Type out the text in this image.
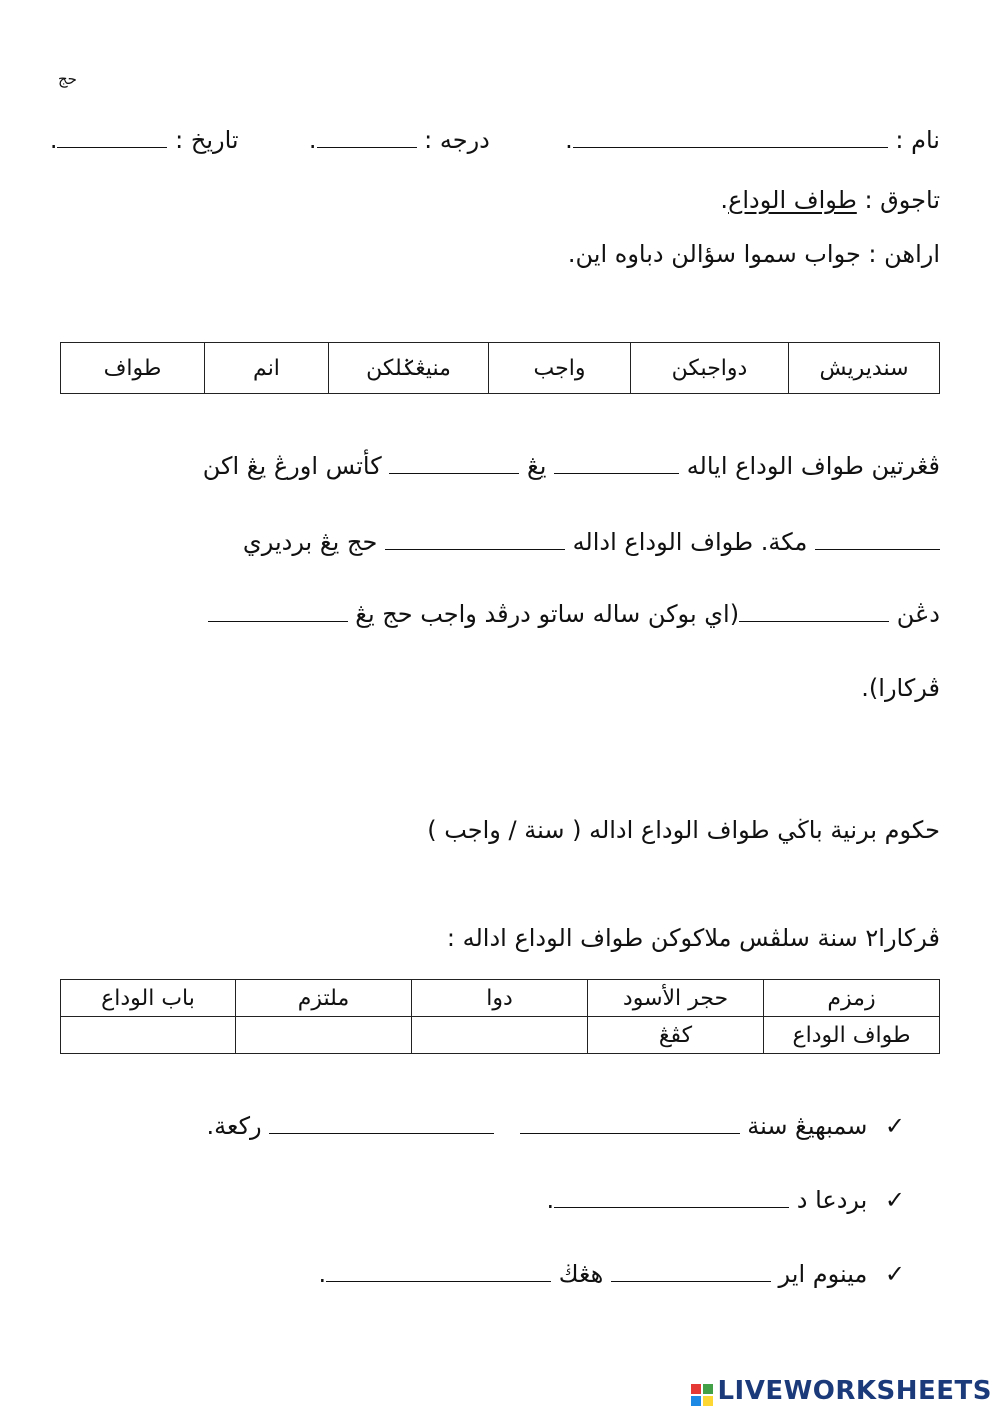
حج
نام : .  درجه : .  تاريخ : .
تاجوق : طواف الوداع.
اراهن : جواب سموا سؤالن دباوه اين.
سنديريش	دواجبكن	واجب	منيڠݢلكن	انم	طواف
ڤڠرتين طواف الوداع اياله  يڠ  كأتس اورڠ يڠ اكن
مكة. طواف الوداع اداله  حج يڠ برديري
دڠن (اي بوكن ساله ساتو درڤد واجب حج يڠ
ڤركارا).
حكوم برنية باڬي طواف الوداع اداله ( سنة / واجب )
ڤركارا٢ سنة سلڤس ملاكوكن طواف الوداع اداله :
زمزم	حجر الأسود	دوا	ملتزم	باب الوداع
طواف الوداع	كڤڠ			
✓ سمبهيڠ سنة    ركعة.
✓ بردعا د .
✓ مينوم اير  هڠڬ .
LIVEWORKSHEETS
